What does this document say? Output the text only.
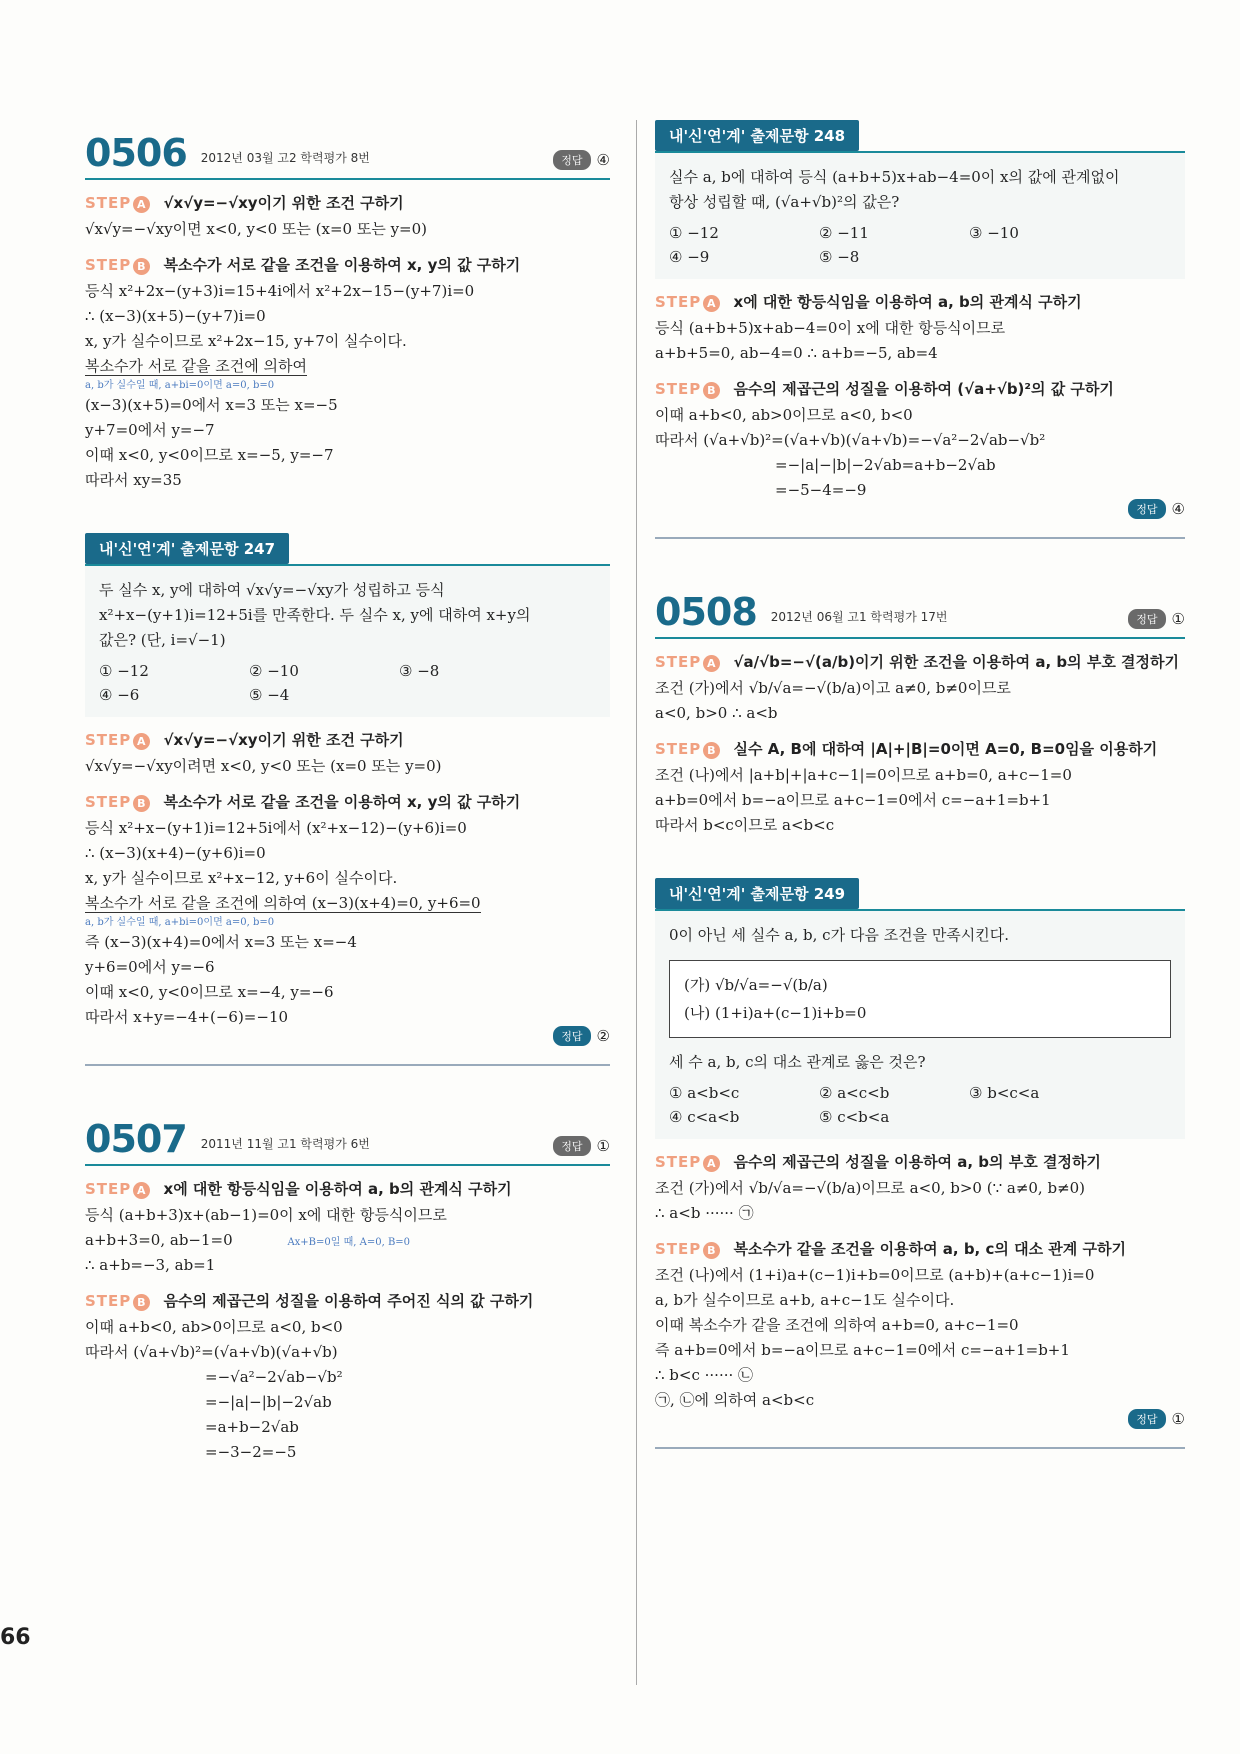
0506 2012년 03월 고2 학력평가 8번	정답 ④
STEP A √x√y=−√xy이기 위한 조건 구하기
√x√y=−√xy이면 x<0, y<0 또는 (x=0 또는 y=0)
STEP B 복소수가 서로 같을 조건을 이용하여 x, y의 값 구하기
등식 x²+2x−(y+3)i=15+4i에서 x²+2x−15−(y+7)i=0
∴ (x−3)(x+5)−(y+7)i=0
x, y가 실수이므로 x²+2x−15, y+7이 실수이다.
복소수가 서로 같을 조건에 의하여
a, b가 실수일 때, a+bi=0이면 a=0, b=0
(x−3)(x+5)=0에서 x=3 또는 x=−5
y+7=0에서 y=−7
이때 x<0, y<0이므로 x=−5, y=−7
따라서 xy=35
내'신'연'계' 출제문항 247
두 실수 x, y에 대하여 √x√y=−√xy가 성립하고 등식
x²+x−(y+1)i=12+5i를 만족한다. 두 실수 x, y에 대하여 x+y의
값은? (단, i=√−1)
① −12	② −10	③ −8
④ −6	⑤ −4
STEP A √x√y=−√xy이기 위한 조건 구하기
√x√y=−√xy이려면 x<0, y<0 또는 (x=0 또는 y=0)
STEP B 복소수가 서로 같을 조건을 이용하여 x, y의 값 구하기
등식 x²+x−(y+1)i=12+5i에서 (x²+x−12)−(y+6)i=0
∴ (x−3)(x+4)−(y+6)i=0
x, y가 실수이므로 x²+x−12, y+6이 실수이다.
복소수가 서로 같을 조건에 의하여 (x−3)(x+4)=0, y+6=0
a, b가 실수일 때, a+bi=0이면 a=0, b=0
즉 (x−3)(x+4)=0에서 x=3 또는 x=−4
y+6=0에서 y=−6
이때 x<0, y<0이므로 x=−4, y=−6
따라서 x+y=−4+(−6)=−10
정답 ②
0507 2011년 11월 고1 학력평가 6번	정답 ①
STEP A x에 대한 항등식임을 이용하여 a, b의 관계식 구하기
등식 (a+b+3)x+(ab−1)=0이 x에 대한 항등식이므로
a+b+3=0, ab−1=0	Ax+B=0일 때, A=0, B=0
∴ a+b=−3, ab=1
STEP B 음수의 제곱근의 성질을 이용하여 주어진 식의 값 구하기
이때 a+b<0, ab>0이므로 a<0, b<0
따라서 (√a+√b)²=(√a+√b)(√a+√b)
=−√a²−2√ab−√b²
=−|a|−|b|−2√ab
=a+b−2√ab
=−3−2=−5
내'신'연'계' 출제문항 248
실수 a, b에 대하여 등식 (a+b+5)x+ab−4=0이 x의 값에 관계없이
항상 성립할 때, (√a+√b)²의 값은?
① −12	② −11	③ −10
④ −9	⑤ −8
STEP A x에 대한 항등식임을 이용하여 a, b의 관계식 구하기
등식 (a+b+5)x+ab−4=0이 x에 대한 항등식이므로
a+b+5=0, ab−4=0 ∴ a+b=−5, ab=4
STEP B 음수의 제곱근의 성질을 이용하여 (√a+√b)²의 값 구하기
이때 a+b<0, ab>0이므로 a<0, b<0
따라서 (√a+√b)²=(√a+√b)(√a+√b)=−√a²−2√ab−√b²
=−|a|−|b|−2√ab=a+b−2√ab
=−5−4=−9
정답 ④
0508 2012년 06월 고1 학력평가 17번	정답 ①
STEP A √a/√b=−√(a/b)이기 위한 조건을 이용하여 a, b의 부호 결정하기
조건 (가)에서 √b/√a=−√(b/a)이고 a≠0, b≠0이므로
a<0, b>0 ∴ a<b
STEP B 실수 A, B에 대하여 |A|+|B|=0이면 A=0, B=0임을 이용하기
조건 (나)에서 |a+b|+|a+c−1|=0이므로 a+b=0, a+c−1=0
a+b=0에서 b=−a이므로 a+c−1=0에서 c=−a+1=b+1
따라서 b<c이므로 a<b<c
내'신'연'계' 출제문항 249
0이 아닌 세 실수 a, b, c가 다음 조건을 만족시킨다.
(가) √b/√a=−√(b/a)
(나) (1+i)a+(c−1)i+b=0
세 수 a, b, c의 대소 관계로 옳은 것은?
① a<b<c	② a<c<b	③ b<c<a
④ c<a<b	⑤ c<b<a
STEP A 음수의 제곱근의 성질을 이용하여 a, b의 부호 결정하기
조건 (가)에서 √b/√a=−√(b/a)이므로 a<0, b>0 (∵ a≠0, b≠0)
∴ a<b ······ ㉠
STEP B 복소수가 같을 조건을 이용하여 a, b, c의 대소 관계 구하기
조건 (나)에서 (1+i)a+(c−1)i+b=0이므로 (a+b)+(a+c−1)i=0
a, b가 실수이므로 a+b, a+c−1도 실수이다.
이때 복소수가 같을 조건에 의하여 a+b=0, a+c−1=0
즉 a+b=0에서 b=−a이므로 a+c−1=0에서 c=−a+1=b+1
∴ b<c ······ ㉡
㉠, ㉡에 의하여 a<b<c
정답 ①
66
